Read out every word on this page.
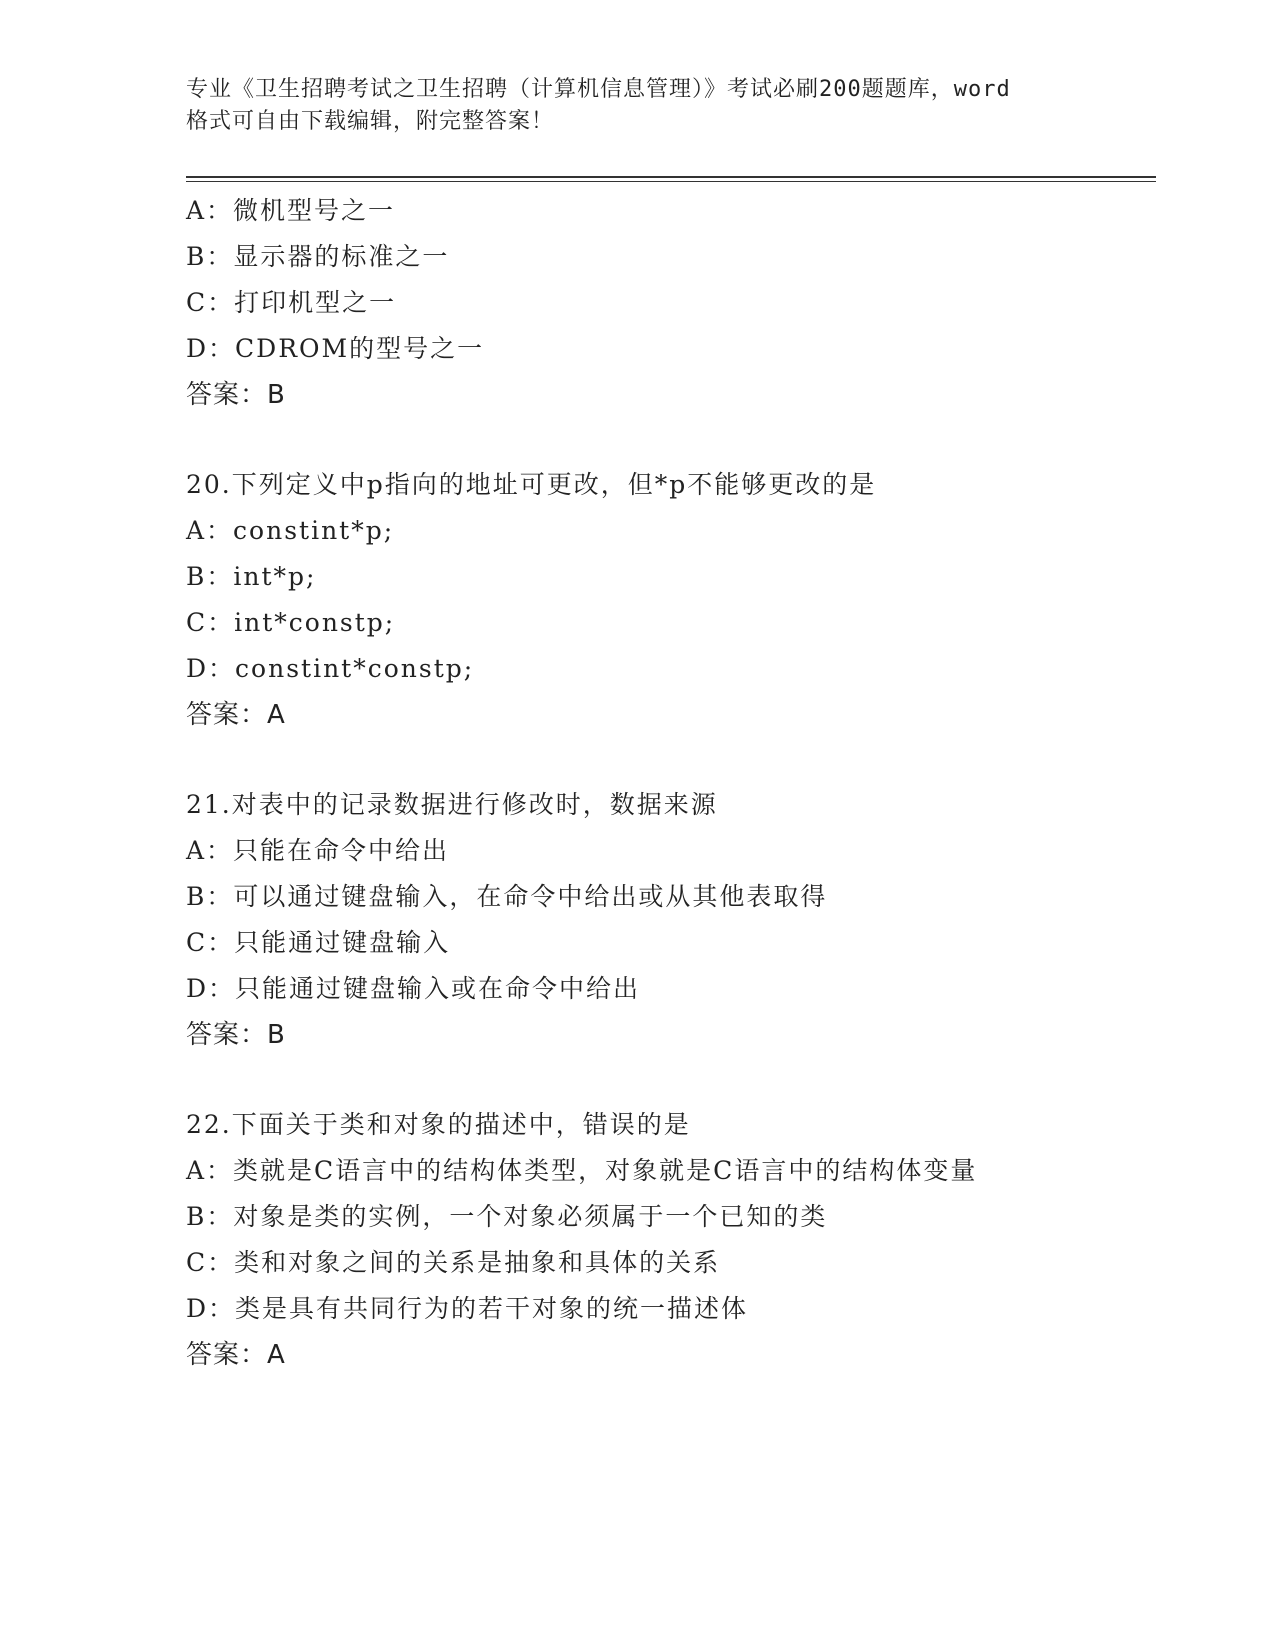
专业《卫生招聘考试之卫生招聘（计算机信息管理）》考试必刷200题题库，word
格式可自由下载编辑，附完整答案！
A：微机型号之一
B：显示器的标准之一
C：打印机型之一
D：CDROM的型号之一
答案：B
20.下列定义中p指向的地址可更改，但*p不能够更改的是
A：constint*p;
B：int*p;
C：int*constp;
D：constint*constp;
答案：A
21.对表中的记录数据进行修改时，数据来源
A：只能在命令中给出
B：可以通过键盘输入，在命令中给出或从其他表取得
C：只能通过键盘输入
D：只能通过键盘输入或在命令中给出
答案：B
22.下面关于类和对象的描述中，错误的是
A：类就是C语言中的结构体类型，对象就是C语言中的结构体变量
B：对象是类的实例，一个对象必须属于一个已知的类
C：类和对象之间的关系是抽象和具体的关系
D：类是具有共同行为的若干对象的统一描述体
答案：A
